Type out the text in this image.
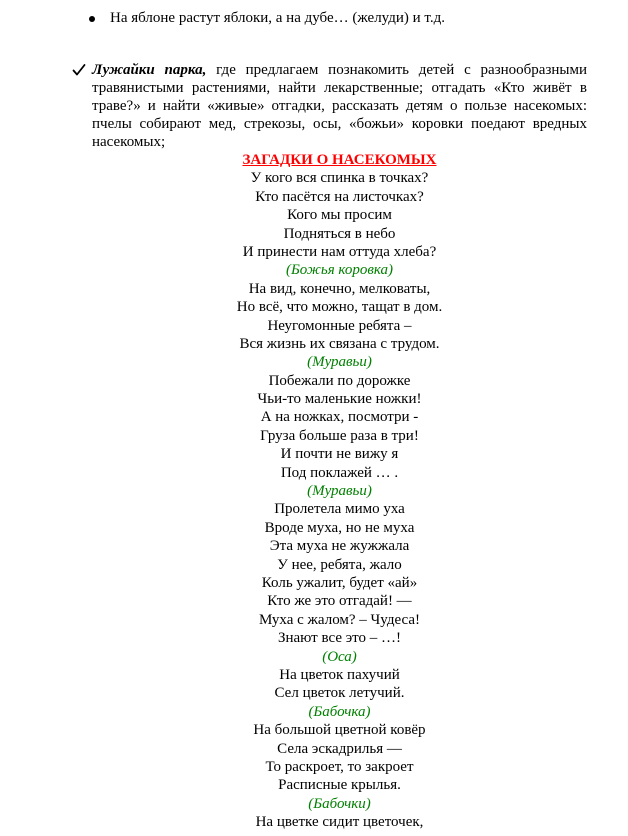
На яблоне растут яблоки, а на дубе… (желуди) и т.д.
Лужайки парка, где предлагаем познакомить детей с разнообразными травянистыми растениями, найти лекарственные; отгадать «Кто живёт в траве?» и найти «живые» отгадки, рассказать детям о пользе насекомых: пчелы собирают мед, стрекозы, осы, «божьи» коровки поедают вредных насекомых;
ЗАГАДКИ О НАСЕКОМЫХ
У кого вся спинка в точках?
Кто пасётся на листочках?
Кого мы просим
Подняться в небо
И принести нам оттуда хлеба?
(Божья коровка)
На вид, конечно, мелковаты,
Но всё, что можно, тащат в дом.
Неугомонные ребята –
Вся жизнь их связана с трудом.
(Муравьи)
Побежали по дорожке
Чьи-то маленькие ножки!
А на ножках, посмотри -
Груза больше раза в три!
И почти не вижу я
Под поклажей … .
(Муравьи)
Пролетела мимо уха
Вроде муха, но не муха
Эта муха не жужжала
У нее, ребята, жало
Коль ужалит, будет «ай»
Кто же это отгадай! —
Муха с жалом? – Чудеса!
Знают все это – …!
(Оса)
На цветок пахучий
Сел цветок летучий.
(Бабочка)
На большой цветной ковёр
Села эскадрилья —
То раскроет, то закроет
Расписные крылья.
(Бабочки)
На цветке сидит цветочек,
